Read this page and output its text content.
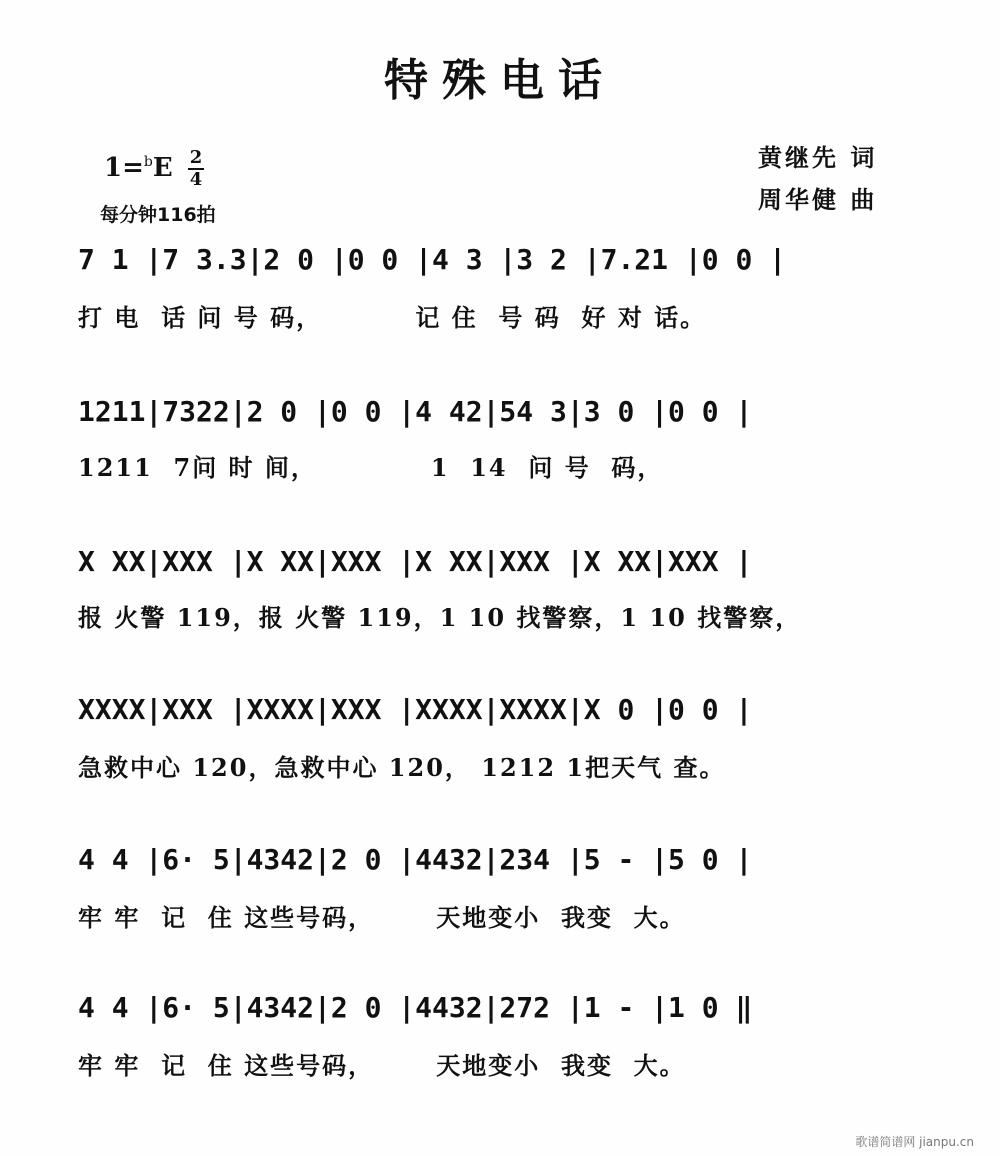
特殊电话
$1=^bE \frac{2}{4}$
每分钟116拍
黄继先 词
周华健 曲
7 1 |7 3.3|2 0 |0 0 |4 3 |3 2 |7.21 |0 0 |
打 电  话 问 号 码，         记 住  号 码  好 对 话。
1211|7322|2 0 |0 0 |4 42|54 3|3 0 |0 0 |
1211  7问 时 间，           1  14  问 号  码，
X XX|XXX |X XX|XXX |X XX|XXX |X XX|XXX |
报 火警 119，报 火警 119，1 10 找警察，1 10 找警察，
XXXX|XXX |XXXX|XXX |XXXX|XXXX|X 0 |0 0 |
急救中心 120，急救中心 120， 1212 1把天气 查。
4 4 |6· 5|4342|2 0 |4432|234 |5 - |5 0 |
牢 牢  记  住 这些号码，      天地变小  我变  大。
4 4 |6· 5|4342|2 0 |4432|272 |1 - |1 0 ‖
牢 牢  记  住 这些号码，      天地变小  我变  大。
歌谱简谱网 jianpu.cn
